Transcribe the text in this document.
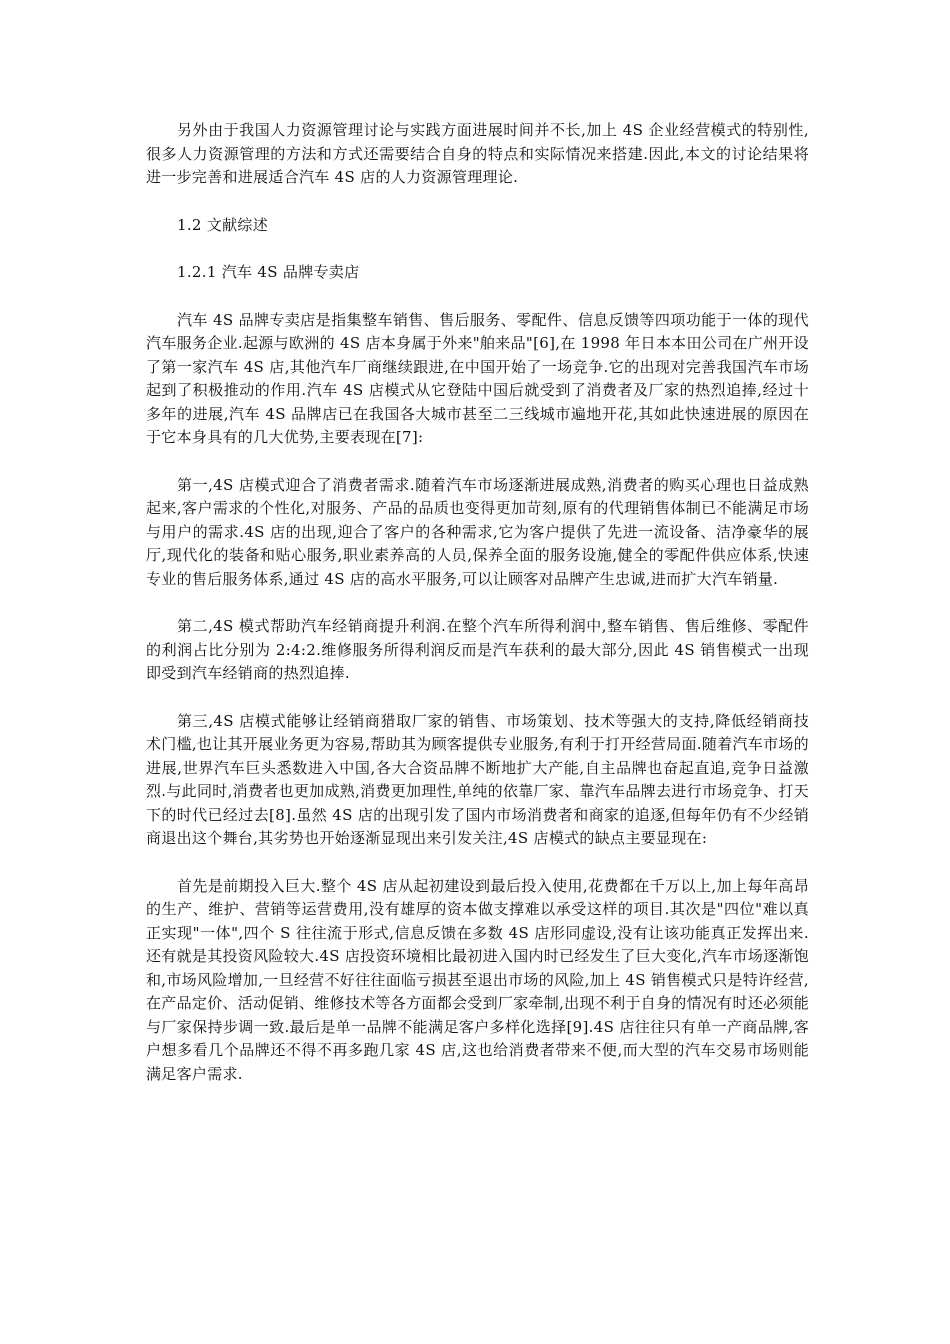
另外由于我国人力资源管理讨论与实践方面进展时间并不长,加上 4S 企业经营模式的特别性,很多人力资源管理的方法和方式还需要结合自身的特点和实际情况来搭建.因此,本文的讨论结果将进一步完善和进展适合汽车 4S 店的人力资源管理理论.

1.2 文献综述

1.2.1 汽车 4S 品牌专卖店

汽车 4S 品牌专卖店是指集整车销售、售后服务、零配件、信息反馈等四项功能于一体的现代汽车服务企业.起源与欧洲的 4S 店本身属于外来"舶来品"[6],在 1998 年日本本田公司在广州开设了第一家汽车 4S 店,其他汽车厂商继续跟进,在中国开始了一场竞争.它的出现对完善我国汽车市场起到了积极推动的作用.汽车 4S 店模式从它登陆中国后就受到了消费者及厂家的热烈追捧,经过十多年的进展,汽车 4S 品牌店已在我国各大城市甚至二三线城市遍地开花,其如此快速进展的原因在于它本身具有的几大优势,主要表现在[7]:

第一,4S 店模式迎合了消费者需求.随着汽车市场逐渐进展成熟,消费者的购买心理也日益成熟起来,客户需求的个性化,对服务、产品的品质也变得更加苛刻,原有的代理销售体制已不能满足市场与用户的需求.4S 店的出现,迎合了客户的各种需求,它为客户提供了先进一流设备、洁净豪华的展厅,现代化的装备和贴心服务,职业素养高的人员,保养全面的服务设施,健全的零配件供应体系,快速专业的售后服务体系,通过 4S 店的高水平服务,可以让顾客对品牌产生忠诚,进而扩大汽车销量.

第二,4S 模式帮助汽车经销商提升利润.在整个汽车所得利润中,整车销售、售后维修、零配件的利润占比分别为 2:4:2.维修服务所得利润反而是汽车获利的最大部分,因此 4S 销售模式一出现即受到汽车经销商的热烈追捧.

第三,4S 店模式能够让经销商猎取厂家的销售、市场策划、技术等强大的支持,降低经销商技术门槛,也让其开展业务更为容易,帮助其为顾客提供专业服务,有利于打开经营局面.随着汽车市场的进展,世界汽车巨头悉数进入中国,各大合资品牌不断地扩大产能,自主品牌也奋起直追,竞争日益激烈.与此同时,消费者也更加成熟,消费更加理性,单纯的依靠厂家、靠汽车品牌去进行市场竞争、打天下的时代已经过去[8].虽然 4S 店的出现引发了国内市场消费者和商家的追逐,但每年仍有不少经销商退出这个舞台,其劣势也开始逐渐显现出来引发关注,4S 店模式的缺点主要显现在:

首先是前期投入巨大.整个 4S 店从起初建设到最后投入使用,花费都在千万以上,加上每年高昂的生产、维护、营销等运营费用,没有雄厚的资本做支撑难以承受这样的项目.其次是"四位"难以真正实现"一体",四个 S 往往流于形式,信息反馈在多数 4S 店形同虚设,没有让该功能真正发挥出来.还有就是其投资风险较大.4S 店投资环境相比最初进入国内时已经发生了巨大变化,汽车市场逐渐饱和,市场风险增加,一旦经营不好往往面临亏损甚至退出市场的风险,加上 4S 销售模式只是特许经营,在产品定价、活动促销、维修技术等各方面都会受到厂家牵制,出现不利于自身的情况有时还必须能与厂家保持步调一致.最后是单一品牌不能满足客户多样化选择[9].4S 店往往只有单一产商品牌,客户想多看几个品牌还不得不再多跑几家 4S 店,这也给消费者带来不便,而大型的汽车交易市场则能满足客户需求.
